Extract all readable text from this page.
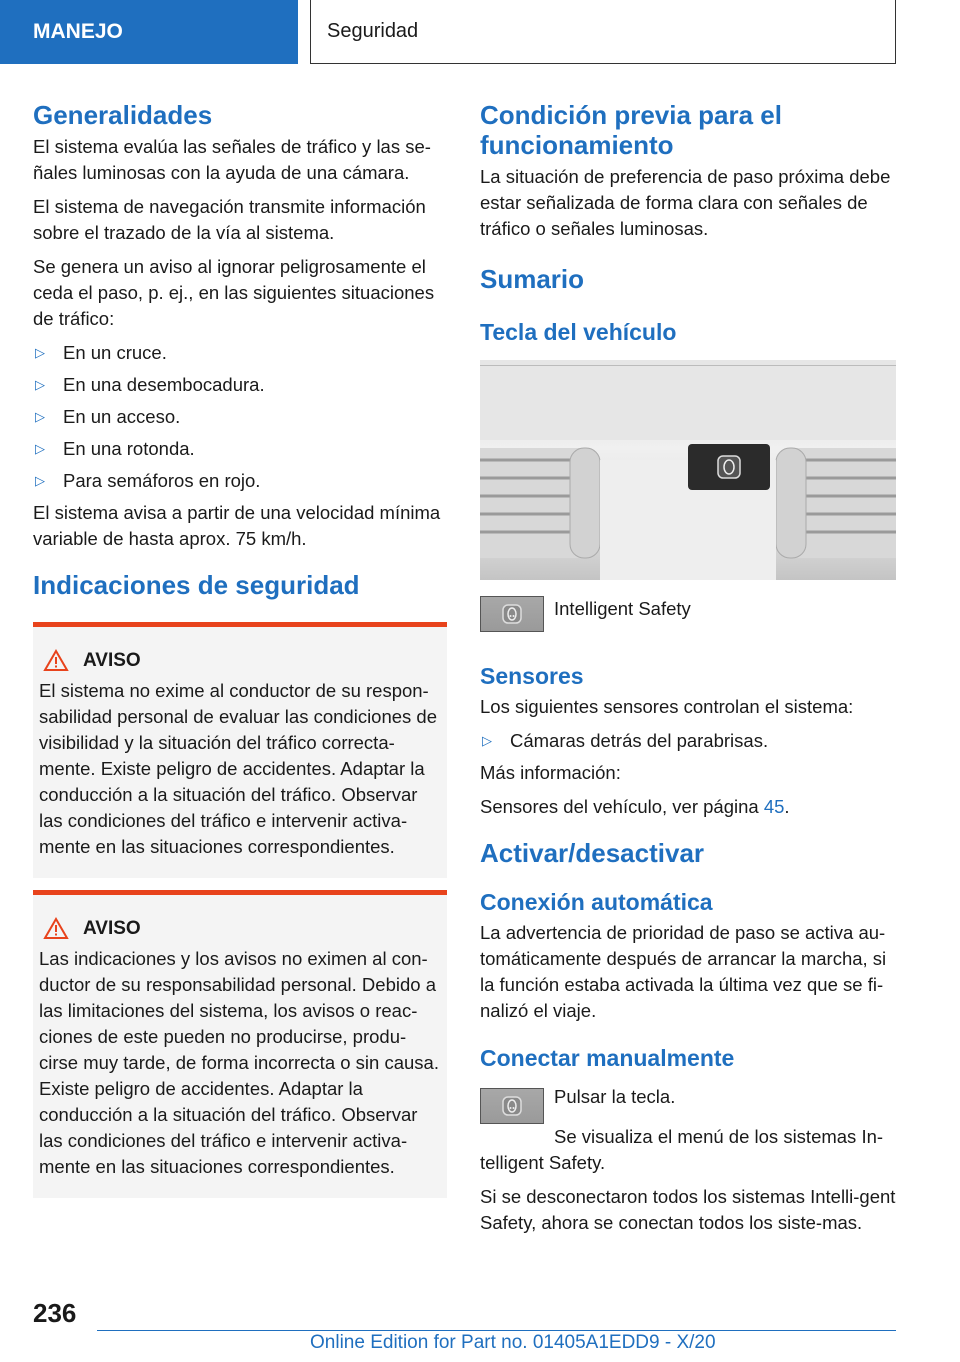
MANEJO	Seguridad
Generalidades

El sistema evalúa las señales de tráfico y las se-ñales luminosas con la ayuda de una cámara.

El sistema de navegación transmite información sobre el trazado de la vía al sistema.

Se genera un aviso al ignorar peligrosamente el ceda el paso, p. ej., en las siguientes situaciones de tráfico:

▷ En un cruce.
▷ En una desembocadura.
▷ En un acceso.
▷ En una rotonda.
▷ Para semáforos en rojo.

El sistema avisa a partir de una velocidad mínima variable de hasta aprox. 75 km/h.

Indicaciones de seguridad
AVISO

El sistema no exime al conductor de su respon-sabilidad personal de evaluar las condiciones de visibilidad y la situación del tráfico correcta-mente. Existe peligro de accidentes. Adaptar la conducción a la situación del tráfico. Observar las condiciones del tráfico e intervenir activa-mente en las situaciones correspondientes.

AVISO

Las indicaciones y los avisos no eximen al con-ductor de su responsabilidad personal. Debido a las limitaciones del sistema, los avisos o reac-ciones de este pueden no producirse, produ-cirse muy tarde, de forma incorrecta o sin causa. Existe peligro de accidentes. Adaptar la conducción a la situación del tráfico. Observar las condiciones del tráfico e intervenir activa-mente en las situaciones correspondientes.

Condición previa para el funcionamiento

La situación de preferencia de paso próxima debe estar señalizada de forma clara con señales de tráfico o señales luminosas.

Sumario
Tecla del vehículo

Intelligent Safety

Sensores

Los siguientes sensores controlan el sistema:

▷ Cámaras detrás del parabrisas.

Más información:

Sensores del vehículo, ver página 45.

Activar/desactivar
Conexión automática

La advertencia de prioridad de paso se activa au-tomáticamente después de arrancar la marcha, si la función estaba activada la última vez que se fi-nalizó el viaje.

Conectar manualmente

Pulsar la tecla.

Se visualiza el menú de los sistemas In-telligent Safety.

Si se desconectaron todos los sistemas Intelli-gent Safety, ahora se conectan todos los siste-mas.

236
Online Edition for Part no. 01405A1EDD9 - X/20
